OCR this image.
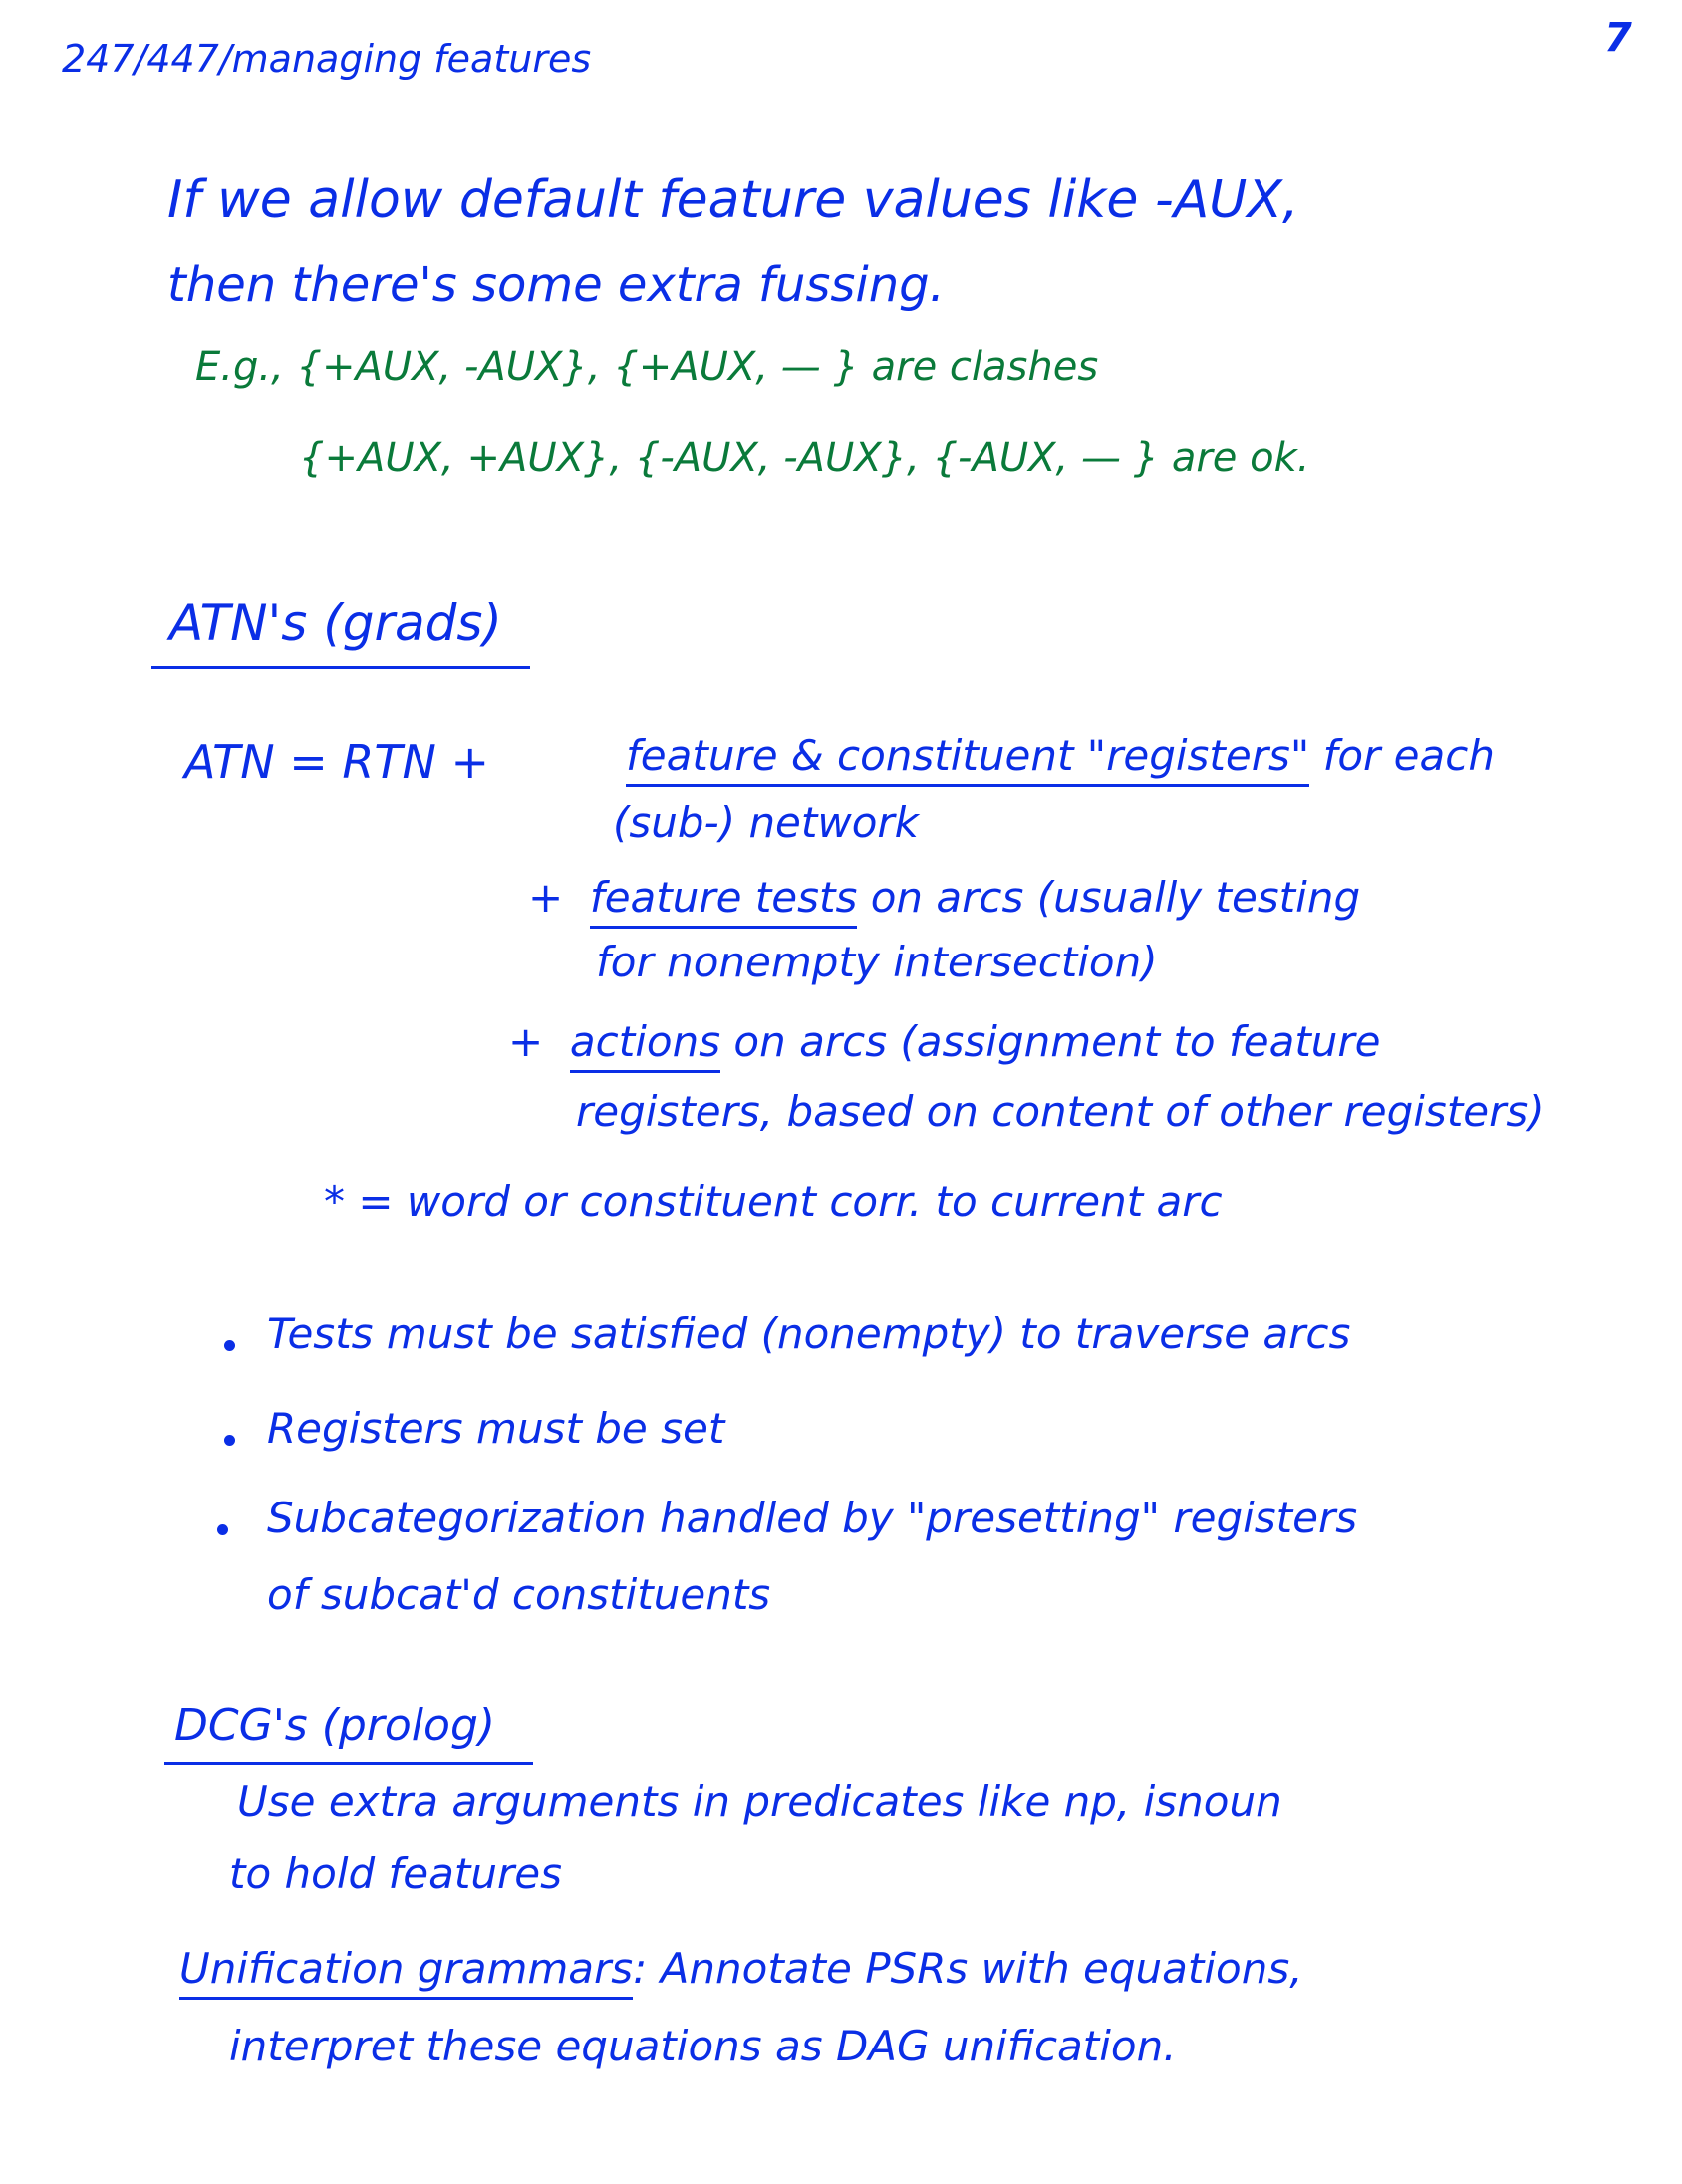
247/447/managing features	7
If we allow default feature values like -AUX,
then there's some extra fussing.
E.g., {+AUX, -AUX}, {+AUX, — } are clashes
{+AUX, +AUX}, {-AUX, -AUX}, {-AUX, — } are ok.
ATN's (grads)
ATN = RTN +	feature & constituent "registers" for each
(sub-) network
+ feature tests on arcs (usually testing
for nonempty intersection)
+ actions on arcs (assignment to feature
registers, based on content of other registers)
* = word or constituent corr. to current arc
Tests must be satisfied (nonempty) to traverse arcs
Registers must be set
Subcategorization handled by "presetting" registers
of subcat'd constituents
DCG's (prolog)
Use extra arguments in predicates like np, isnoun
to hold features
Unification grammars: Annotate PSRs with equations,
interpret these equations as DAG unification.
